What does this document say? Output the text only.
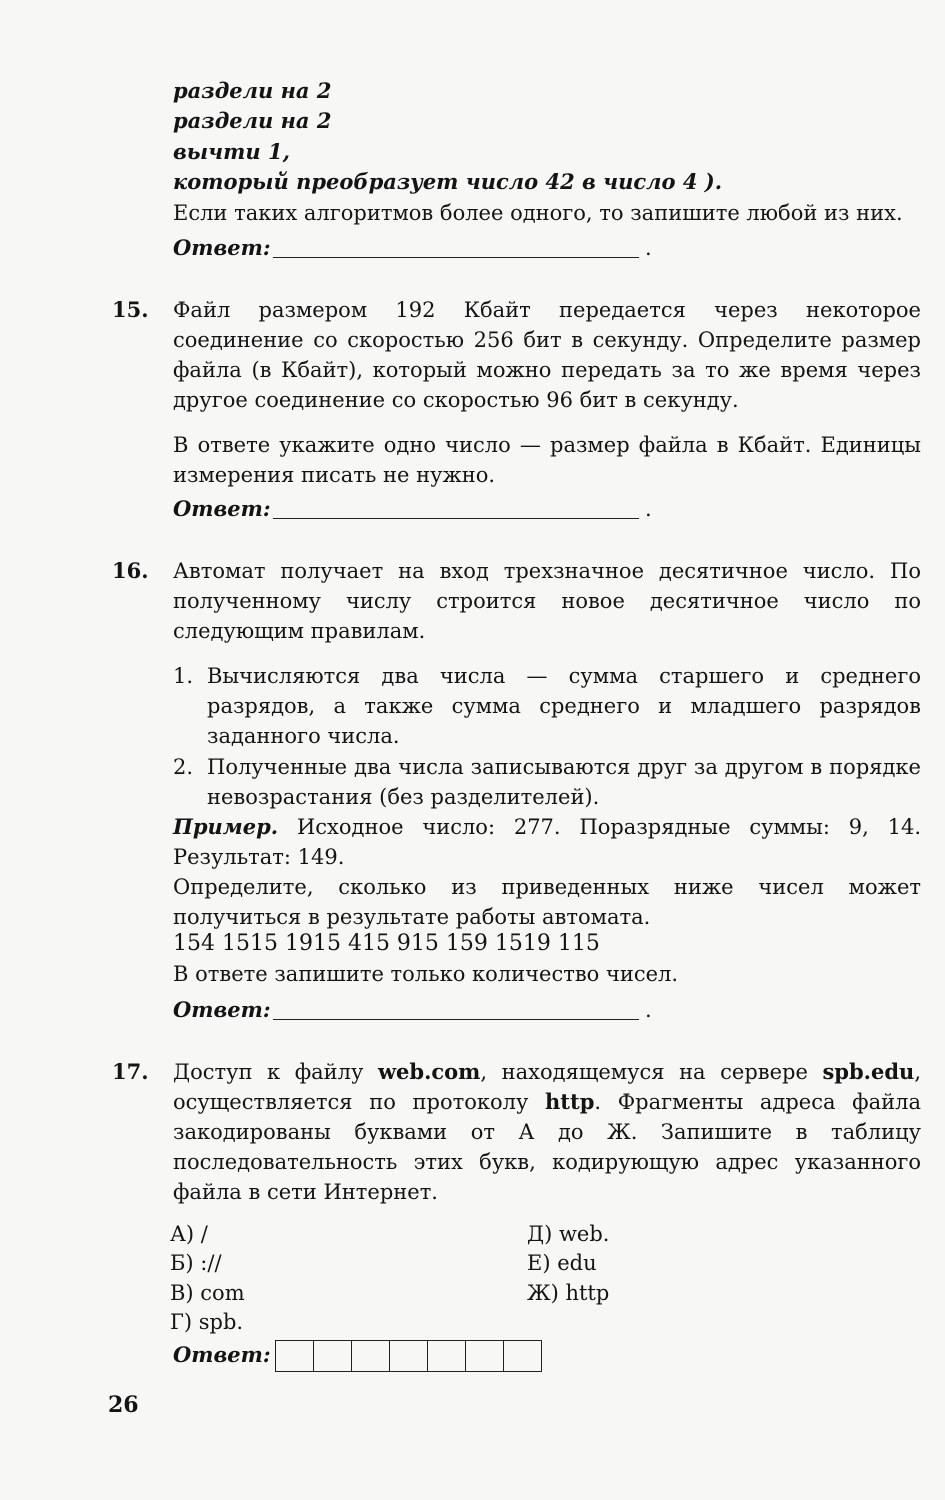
раздели на 2
раздели на 2
вычти 1,
который преобразует число 42 в число 4 ).
Если таких алгоритмов более одного, то запишите любой из них.
Ответ:	.
15. Файл размером 192 Кбайт передается через некоторое соединение со скоростью 256 бит в секунду. Определите размер файла (в Кбайт), который можно передать за то же время через другое соединение со скоростью 96 бит в секунду.
В ответе укажите одно число — размер файла в Кбайт. Единицы измерения писать не нужно.
Ответ:	.
16. Автомат получает на вход трехзначное десятичное число. По полученному числу строится новое десятичное число по следующим правилам.
1. Вычисляются два числа — сумма старшего и среднего разрядов, а также сумма среднего и младшего разрядов заданного числа.
2. Полученные два числа записываются друг за другом в порядке невозрастания (без разделителей).
Пример. Исходное число: 277. Поразрядные суммы: 9, 14. Результат: 149.
Определите, сколько из приведенных ниже чисел может получиться в результате работы автомата.
154 1515 1915 415 915 159 1519 115
В ответе запишите только количество чисел.
Ответ:	.
17. Доступ к файлу web.com, находящемуся на сервере spb.edu, осуществляется по протоколу http. Фрагменты адреса файла закодированы буквами от А до Ж. Запишите в таблицу последовательность этих букв, кодирующую адрес указанного файла в сети Интернет.
А) /
Б) ://
В) com
Г) spb.
Д) web.
Е) edu
Ж) http
Ответ:
26
